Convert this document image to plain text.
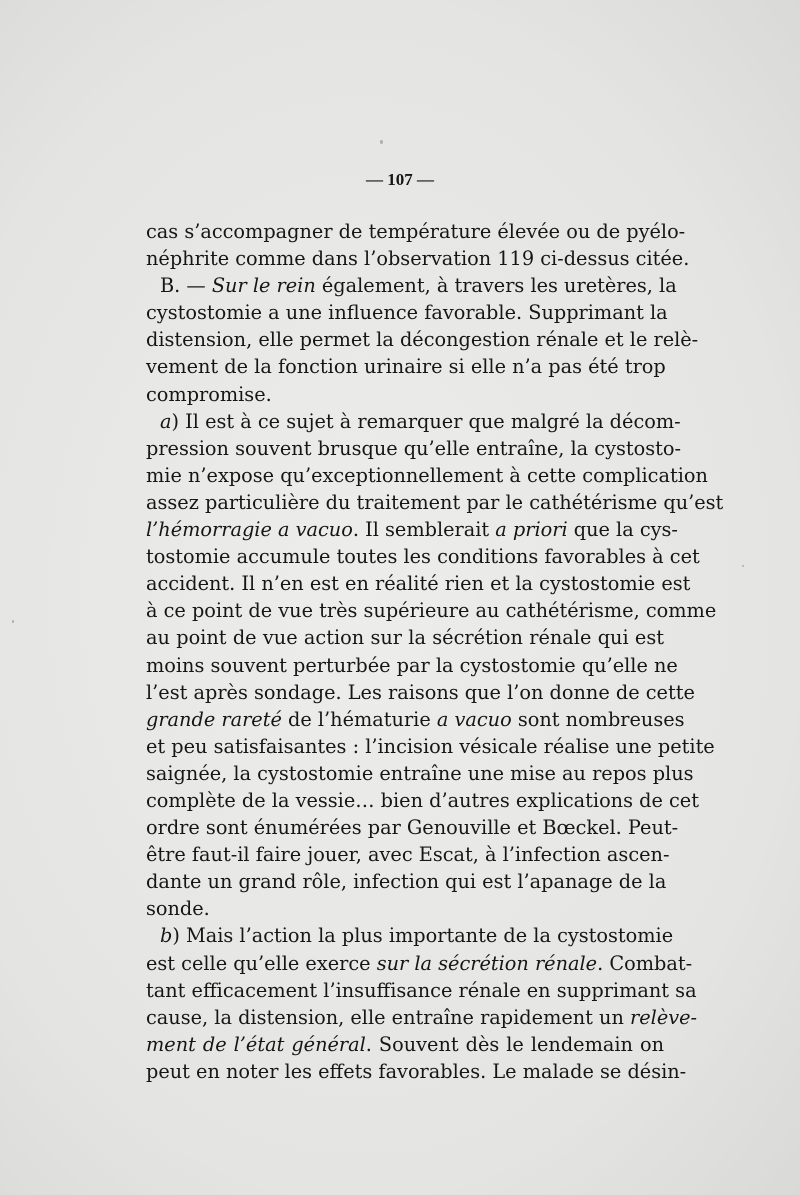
— 107 —
cas s’accompagner de température élevée ou de pyélo-
néphrite comme dans l’observation 119 ci-dessus citée.
B. — Sur le rein également, à travers les uretères, la
cystostomie a une influence favorable. Supprimant la
distension, elle permet la décongestion rénale et le relè-
vement de la fonction urinaire si elle n’a pas été trop
compromise.
a) Il est à ce sujet à remarquer que malgré la décom-
pression souvent brusque qu’elle entraîne, la cystosto-
mie n’expose qu’exceptionnellement à cette complication
assez particulière du traitement par le cathétérisme qu’est
l’hémorragie a vacuo. Il semblerait a priori que la cys-
tostomie accumule toutes les conditions favorables à cet
accident. Il n’en est en réalité rien et la cystostomie est
à ce point de vue très supérieure au cathétérisme, comme
au point de vue action sur la sécrétion rénale qui est
moins souvent perturbée par la cystostomie qu’elle ne
l’est après sondage. Les raisons que l’on donne de cette
grande rareté de l’hématurie a vacuo sont nombreuses
et peu satisfaisantes : l’incision vésicale réalise une petite
saignée, la cystostomie entraîne une mise au repos plus
complète de la vessie… bien d’autres explications de cet
ordre sont énumérées par Genouville et Bœckel. Peut-
être faut-il faire jouer, avec Escat, à l’infection ascen-
dante un grand rôle, infection qui est l’apanage de la
sonde.
b) Mais l’action la plus importante de la cystostomie
est celle qu’elle exerce sur la sécrétion rénale. Combat-
tant efficacement l’insuffisance rénale en supprimant sa
cause, la distension, elle entraîne rapidement un relève-
ment de l’état général. Souvent dès le lendemain on
peut en noter les effets favorables. Le malade se désin-
